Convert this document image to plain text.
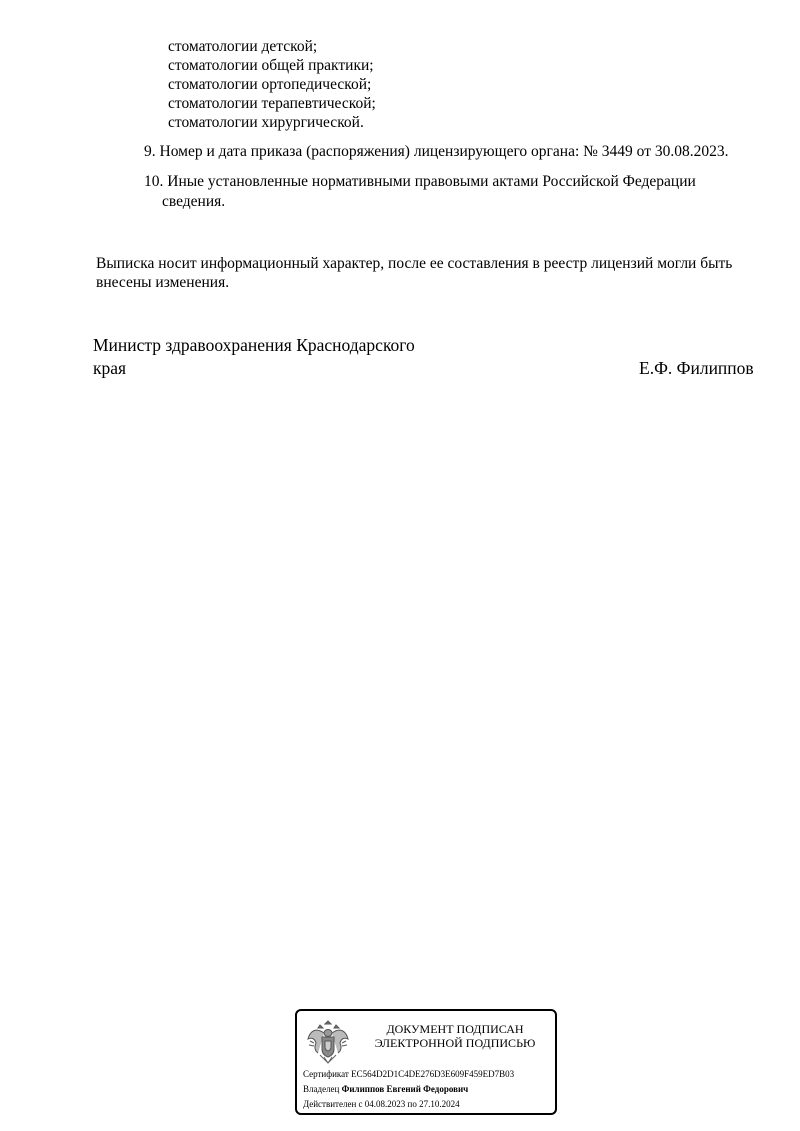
стоматологии детской;
стоматологии общей практики;
стоматологии ортопедической;
стоматологии терапевтической;
стоматологии хирургической.
9. Номер и дата приказа (распоряжения) лицензирующего органа: № 3449 от 30.08.2023.
10. Иные установленные нормативными правовыми актами Российской Федерации
сведения.
Выписка носит информационный характер, после ее составления в реестр лицензий могли быть
внесены изменения.
Министр здравоохранения Краснодарского
края	Е.Ф. Филиппов
ДОКУМЕНТ ПОДПИСАН
ЭЛЕКТРОННОЙ ПОДПИСЬЮ
Сертификат EC564D2D1C4DE276D3E609F459ED7B03
Владелец Филиппов Евгений Федорович
Действителен с 04.08.2023 по 27.10.2024
